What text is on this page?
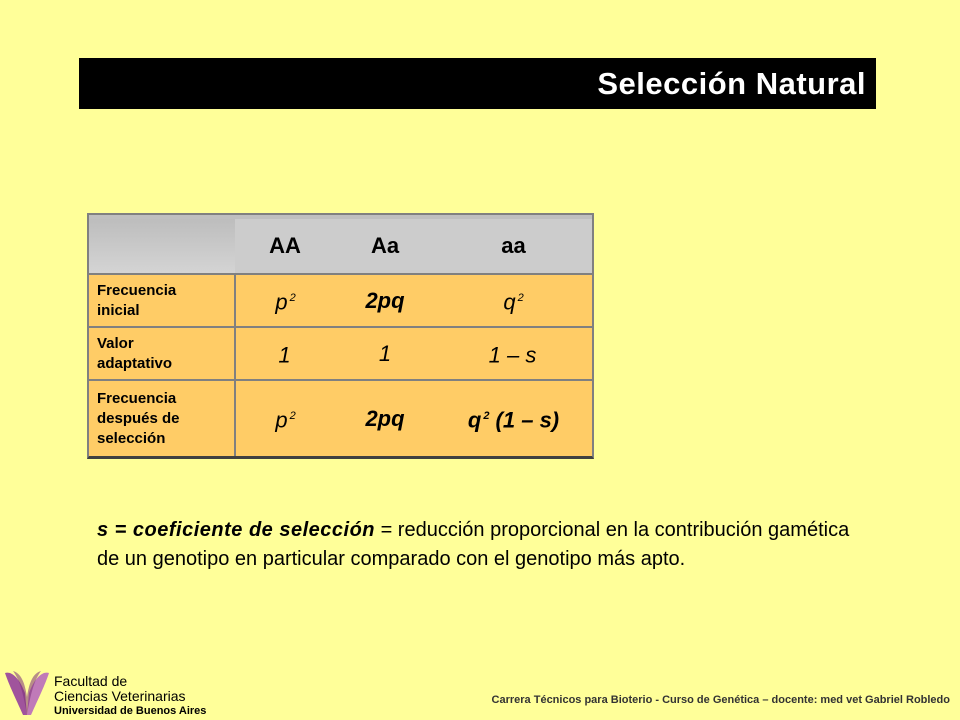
Selección Natural
	AA	Aa	aa
Frecuencia
inicial	p $^2$	2pq	q $^2$
Valor
adaptativo	1	1	1 – s
Frecuencia
después de
selección	p $^2$	2pq	q $^2$ (1 – s)
s = coeficiente de selección = reducción proporcional en la contribución gamética de un genotipo en particular comparado con el genotipo más apto.
Facultad de
Ciencias Veterinarias
Universidad de Buenos Aires
Carrera Técnicos para Bioterio - Curso de Genética – docente: med vet Gabriel Robledo
